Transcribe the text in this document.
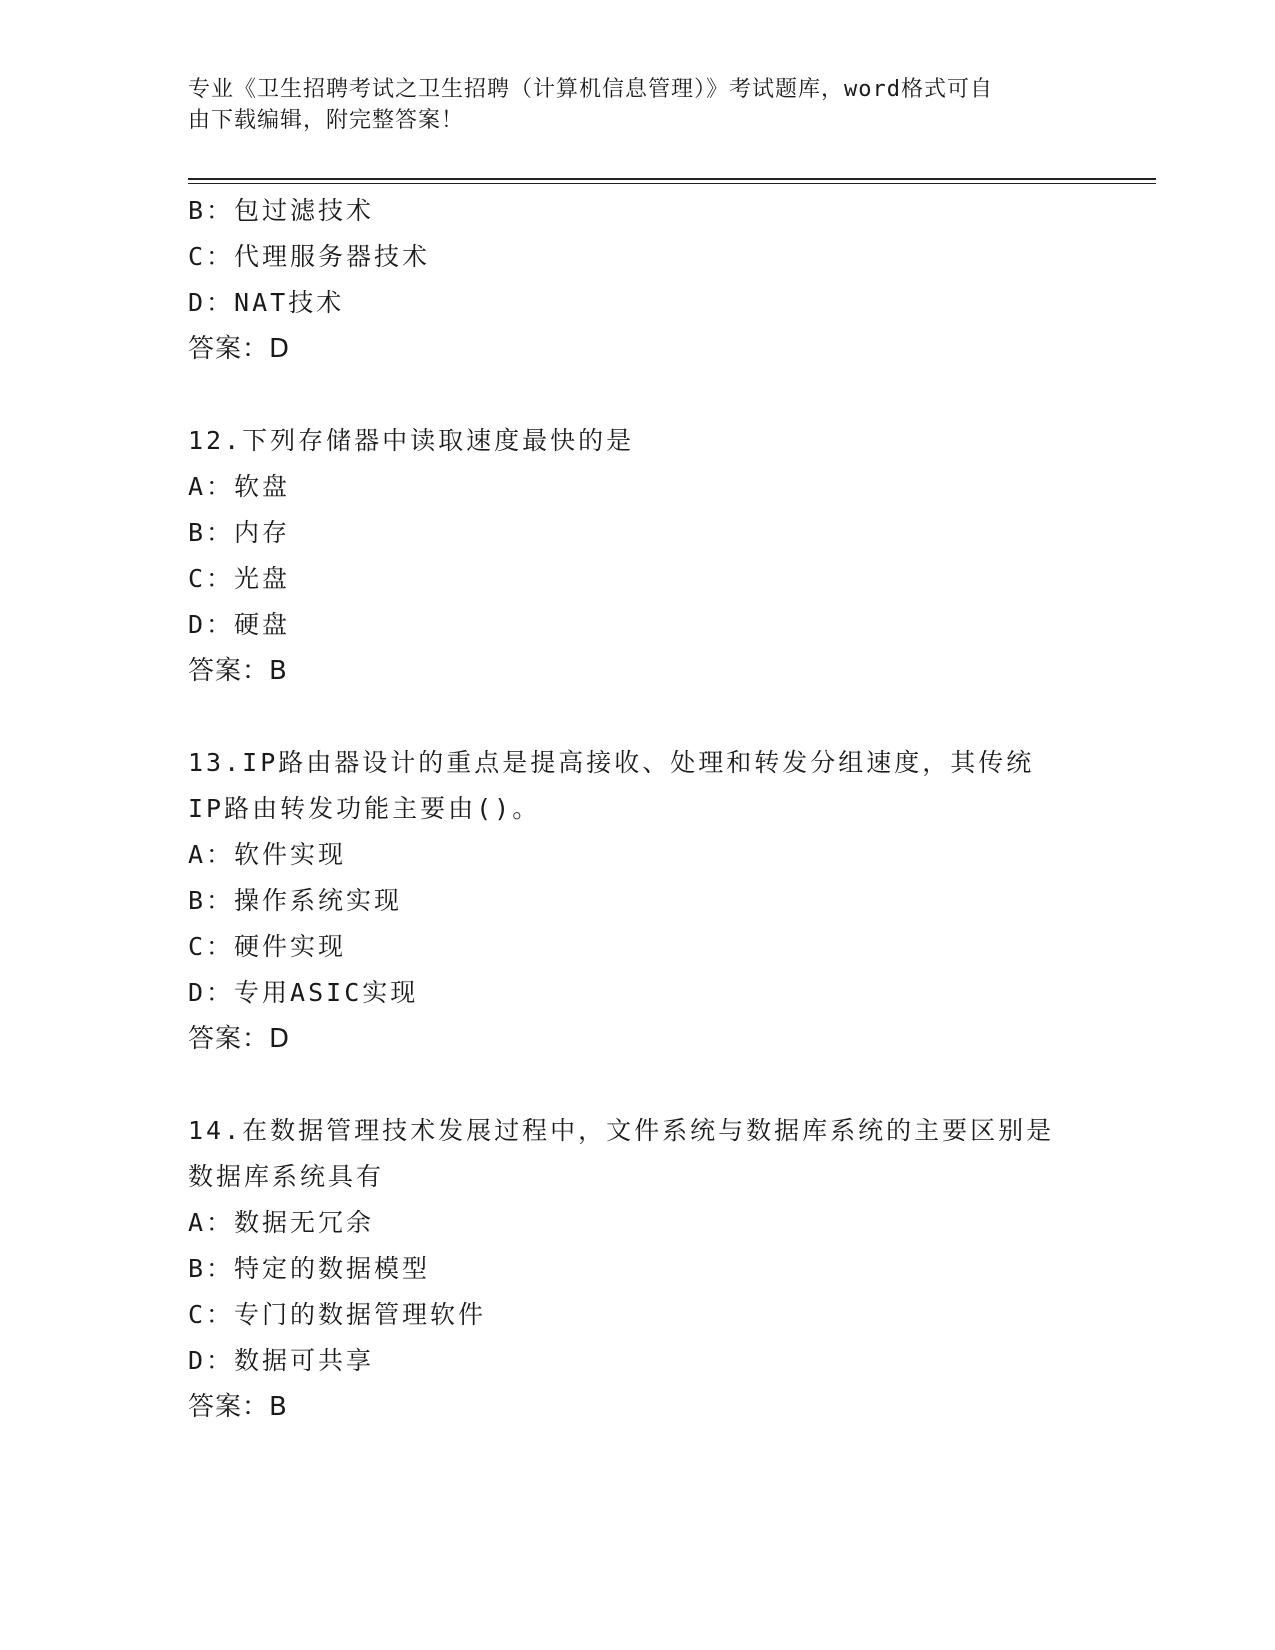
专业《卫生招聘考试之卫生招聘（计算机信息管理）》考试题库，word格式可自
由下载编辑，附完整答案！
B：包过滤技术
C：代理服务器技术
D：NAT技术
答案：D
12.下列存储器中读取速度最快的是
A：软盘
B：内存
C：光盘
D：硬盘
答案：B
13.IP路由器设计的重点是提高接收、处理和转发分组速度，其传统
IP路由转发功能主要由()。
A：软件实现
B：操作系统实现
C：硬件实现
D：专用ASIC实现
答案：D
14.在数据管理技术发展过程中，文件系统与数据库系统的主要区别是
数据库系统具有
A：数据无冗余
B：特定的数据模型
C：专门的数据管理软件
D：数据可共享
答案：B
